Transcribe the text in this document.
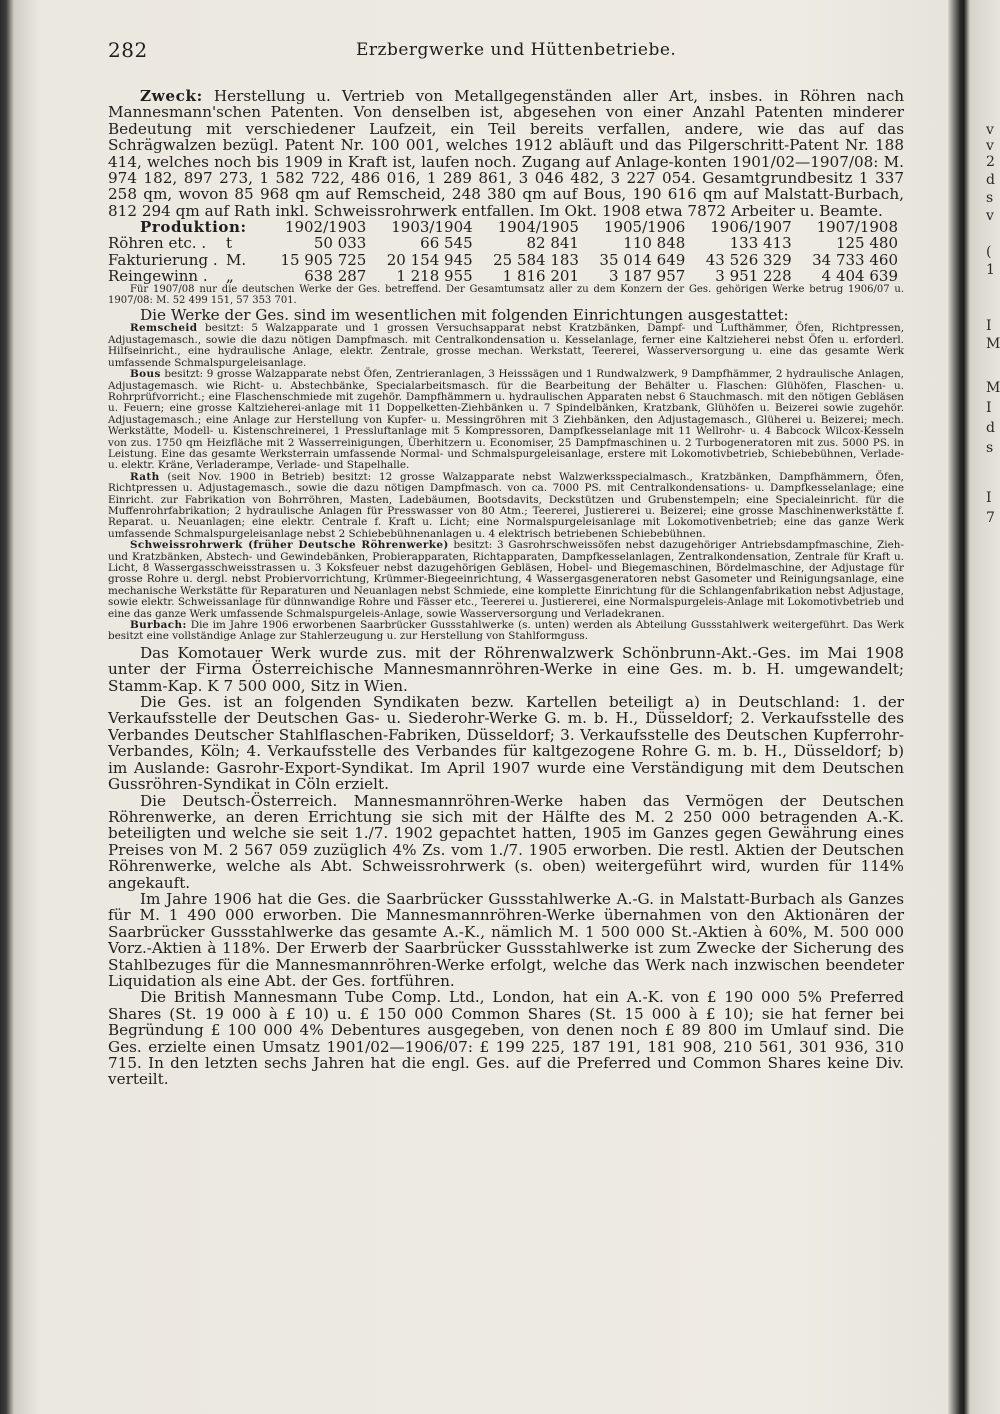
v
v
2
d
s
v
(
1
I
M
M
I
d
s
I
7
282	Erzbergwerke und Hüttenbetriebe.

Zweck: Herstellung u. Vertrieb von Metallgegenständen aller Art, insbes. in Röhren nach Mannesmann'schen Patenten. Von denselben ist, abgesehen von einer Anzahl Patenten minderer Bedeutung mit verschiedener Laufzeit, ein Teil bereits verfallen, andere, wie das auf das Schrägwalzen bezügl. Patent Nr. 100 001, welches 1912 abläuft und das Pilgerschritt-Patent Nr. 188 414, welches noch bis 1909 in Kraft ist, laufen noch. Zugang auf Anlage-konten 1901/02—1907/08: M. 974 182, 897 273, 1 582 722, 486 016, 1 289 861, 3 046 482, 3 227 054. Gesamtgrundbesitz 1 337 258 qm, wovon 85 968 qm auf Remscheid, 248 380 qm auf Bous, 190 616 qm auf Malstatt-Burbach, 812 294 qm auf Rath inkl. Schweissrohrwerk entfallen. Im Okt. 1908 etwa 7872 Arbeiter u. Beamte.

Produktion:		1902/1903	1903/1904	1904/1905	1905/1906	1906/1907	1907/1908
Röhren etc. .	t	50 033	66 545	82 841	110 848	133 413	125 480
Fakturierung .	M.	15 905 725	20 154 945	25 584 183	35 014 649	43 526 329	34 733 460
Reingewinn .	„	638 287	1 218 955	1 816 201	3 187 957	3 951 228	4 404 639

Für 1907/08 nur die deutschen Werke der Ges. betreffend. Der Gesamtumsatz aller zu dem Konzern der Ges. gehörigen Werke betrug 1906/07 u. 1907/08: M. 52 499 151, 57 353 701.

Die Werke der Ges. sind im wesentlichen mit folgenden Einrichtungen ausgestattet:

Remscheid besitzt: 5 Walzapparate und 1 grossen Versuchsapparat nebst Kratzbänken, Dampf- und Lufthämmer, Öfen, Richtpressen, Adjustagemasch., sowie die dazu nötigen Dampfmasch. mit Centralkondensation u. Kesselanlage, ferner eine Kaltzieherei nebst Öfen u. erforderl. Hilfseinricht., eine hydraulische Anlage, elektr. Zentrale, grosse mechan. Werkstatt, Teererei, Wasserversorgung u. eine das gesamte Werk umfassende Schmalspurgeleisanlage.

Bous besitzt: 9 grosse Walzapparate nebst Öfen, Zentrieranlagen, 3 Heisssägen und 1 Rundwalzwerk, 9 Dampfhämmer, 2 hydraulische Anlagen, Adjustagemasch. wie Richt- u. Abstechbänke, Specialarbeitsmasch. für die Bearbeitung der Behälter u. Flaschen: Glühöfen, Flaschen- u. Rohrprüfvorricht.; eine Flaschenschmiede mit zugehör. Dampfhämmern u. hydraulischen Apparaten nebst 6 Stauchmasch. mit den nötigen Gebläsen u. Feuern; eine grosse Kaltzieherei-anlage mit 11 Doppelketten-Ziehbänken u. 7 Spindelbänken, Kratzbank, Glühöfen u. Beizerei sowie zugehör. Adjustagemasch.; eine Anlage zur Herstellung von Kupfer- u. Messingröhren mit 3 Ziehbänken, den Adjustagemasch., Glüherei u. Beizerei; mech. Werkstätte, Modell- u. Kistenschreinerei, 1 Pressluftanlage mit 5 Kompressoren, Dampfkesselanlage mit 11 Wellrohr- u. 4 Babcock Wilcox-Kesseln von zus. 1750 qm Heizfläche mit 2 Wasserreinigungen, Überhitzern u. Economiser, 25 Dampfmaschinen u. 2 Turbogeneratoren mit zus. 5000 PS. in Leistung. Eine das gesamte Werksterrain umfassende Normal- und Schmalspurgeleisanlage, erstere mit Lokomotivbetrieb, Schiebebühnen, Verlade- u. elektr. Kräne, Verladerampe, Verlade- und Stapelhalle.

Rath (seit Nov. 1900 in Betrieb) besitzt: 12 grosse Walzapparate nebst Walzwerksspecialmasch., Kratzbänken, Dampfhämmern, Öfen, Richtpressen u. Adjustagemasch., sowie die dazu nötigen Dampfmasch. von ca. 7000 PS. mit Centralkondensations- u. Dampfkesselanlage; eine Einricht. zur Fabrikation von Bohrröhren, Masten, Ladebäumen, Bootsdavits, Deckstützen und Grubenstempeln; eine Specialeinricht. für die Muffenrohrfabrikation; 2 hydraulische Anlagen für Presswasser von 80 Atm.; Teererei, Justiererei u. Beizerei; eine grosse Maschinenwerkstätte f. Reparat. u. Neuanlagen; eine elektr. Centrale f. Kraft u. Licht; eine Normalspurgeleisanlage mit Lokomotivenbetrieb; eine das ganze Werk umfassende Schmalspurgeleisanlage nebst 2 Schiebebühnenanlagen u. 4 elektrisch betriebenen Schiebebühnen.

Schweissrohrwerk (früher Deutsche Röhrenwerke) besitzt: 3 Gasrohrschweissöfen nebst dazugehöriger Antriebsdampfmaschine, Zieh- und Kratzbänken, Abstech- und Gewindebänken, Probierapparaten, Richtapparaten, Dampfkesselanlagen, Zentralkondensation, Zentrale für Kraft u. Licht, 8 Wassergasschweisstrassen u. 3 Koksfeuer nebst dazugehörigen Gebläsen, Hobel- und Biegemaschinen, Bördelmaschine, der Adjustage für grosse Rohre u. dergl. nebst Probiervorrichtung, Krümmer-Biegeeinrichtung, 4 Wassergasgeneratoren nebst Gasometer und Reinigungsanlage, eine mechanische Werkstätte für Reparaturen und Neuanlagen nebst Schmiede, eine komplette Einrichtung für die Schlangenfabrikation nebst Adjustage, sowie elektr. Schweissanlage für dünnwandige Rohre und Fässer etc., Teererei u. Justiererei, eine Normalspurgeleis-Anlage mit Lokomotivbetrieb und eine das ganze Werk umfassende Schmalspurgeleis-Anlage, sowie Wasserversorgung und Verladekranen.

Burbach: Die im Jahre 1906 erworbenen Saarbrücker Gussstahlwerke (s. unten) werden als Abteilung Gussstahlwerk weitergeführt. Das Werk besitzt eine vollständige Anlage zur Stahlerzeugung u. zur Herstellung von Stahlformguss.

Das Komotauer Werk wurde zus. mit der Röhrenwalzwerk Schönbrunn-Akt.-Ges. im Mai 1908 unter der Firma Österreichische Mannesmannröhren-Werke in eine Ges. m. b. H. umgewandelt; Stamm-Kap. K 7 500 000, Sitz in Wien.

Die Ges. ist an folgenden Syndikaten bezw. Kartellen beteiligt a) in Deutschland: 1. der Verkaufsstelle der Deutschen Gas- u. Siederohr-Werke G. m. b. H., Düsseldorf; 2. Verkaufsstelle des Verbandes Deutscher Stahlflaschen-Fabriken, Düsseldorf; 3. Verkaufsstelle des Deutschen Kupferrohr-Verbandes, Köln; 4. Verkaufsstelle des Verbandes für kaltgezogene Rohre G. m. b. H., Düsseldorf; b) im Auslande: Gasrohr-Export-Syndikat. Im April 1907 wurde eine Verständigung mit dem Deutschen Gussröhren-Syndikat in Cöln erzielt.

Die Deutsch-Österreich. Mannesmannröhren-Werke haben das Vermögen der Deutschen Röhrenwerke, an deren Errichtung sie sich mit der Hälfte des M. 2 250 000 betragenden A.-K. beteiligten und welche sie seit 1./7. 1902 gepachtet hatten, 1905 im Ganzes gegen Gewährung eines Preises von M. 2 567 059 zuzüglich 4% Zs. vom 1./7. 1905 erworben. Die restl. Aktien der Deutschen Röhrenwerke, welche als Abt. Schweissrohrwerk (s. oben) weitergeführt wird, wurden für 114% angekauft.

Im Jahre 1906 hat die Ges. die Saarbrücker Gussstahlwerke A.-G. in Malstatt-Burbach als Ganzes für M. 1 490 000 erworben. Die Mannesmannröhren-Werke übernahmen von den Aktionären der Saarbrücker Gussstahlwerke das gesamte A.-K., nämlich M. 1 500 000 St.-Aktien à 60%, M. 500 000 Vorz.-Aktien à 118%. Der Erwerb der Saarbrücker Gussstahlwerke ist zum Zwecke der Sicherung des Stahlbezuges für die Mannesmannröhren-Werke erfolgt, welche das Werk nach inzwischen beendeter Liquidation als eine Abt. der Ges. fortführen.

Die British Mannesmann Tube Comp. Ltd., London, hat ein A.-K. von £ 190 000 5% Preferred Shares (St. 19 000 à £ 10) u. £ 150 000 Common Shares (St. 15 000 à £ 10); sie hat ferner bei Begründung £ 100 000 4% Debentures ausgegeben, von denen noch £ 89 800 im Umlauf sind. Die Ges. erzielte einen Umsatz 1901/02—1906/07: £ 199 225, 187 191, 181 908, 210 561, 301 936, 310 715. In den letzten sechs Jahren hat die engl. Ges. auf die Preferred und Common Shares keine Div. verteilt.
